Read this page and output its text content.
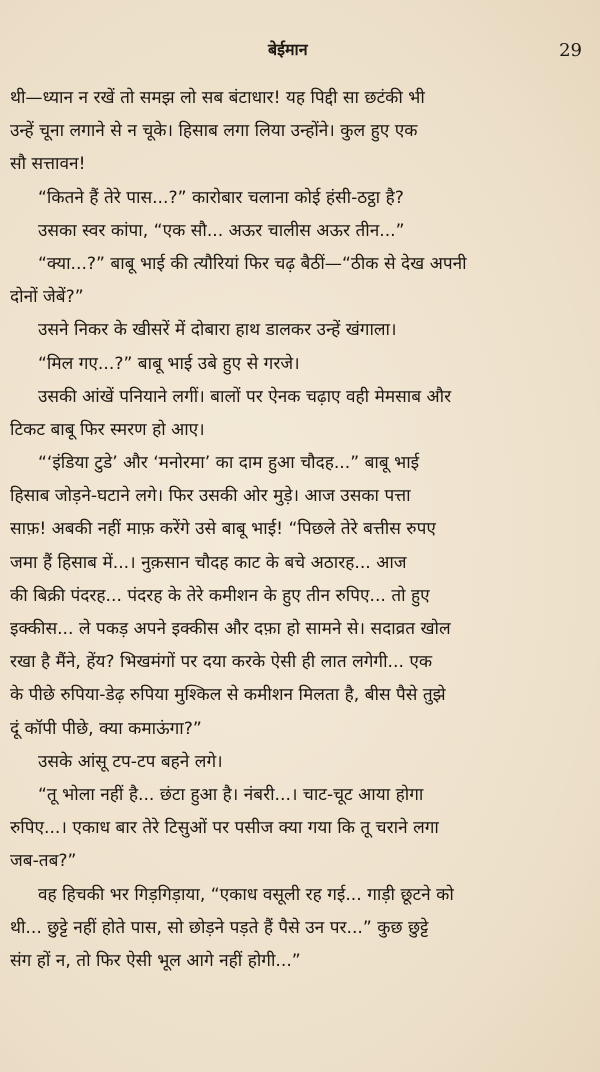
बेईमान	29
थी—ध्यान न रखें तो समझ लो सब बंटाधार! यह पिद्दी सा छटंकी भी
उन्हें चूना लगाने से न चूके। हिसाब लगा लिया उन्होंने। कुल हुए एक
सौ सत्तावन!
“कितने हैं तेरे पास...?” कारोबार चलाना कोई हंसी-ठट्ठा है?
उसका स्वर कांपा, “एक सौ... अऊर चालीस अऊर तीन...”
“क्या...?” बाबू भाई की त्यौरियां फिर चढ़ बैठीं—“ठीक से देख अपनी
दोनों जेबें?”
उसने निकर के खीसरें में दोबारा हाथ डालकर उन्हें खंगाला।
“मिल गए...?” बाबू भाई उबे हुए से गरजे।
उसकी आंखें पनियाने लगीं। बालों पर ऐनक चढ़ाए वही मेमसाब और
टिकट बाबू फिर स्मरण हो आए।
“‘इंडिया टुडे’ और ‘मनोरमा’ का दाम हुआ चौदह...” बाबू भाई
हिसाब जोड़ने-घटाने लगे। फिर उसकी ओर मुड़े। आज उसका पत्ता
साफ़! अबकी नहीं माफ़ करेंगे उसे बाबू भाई! “पिछले तेरे बत्तीस रुपए
जमा हैं हिसाब में...। नुक़सान चौदह काट के बचे अठारह... आज
की बिक्री पंदरह... पंदरह के तेरे कमीशन के हुए तीन रुपिए... तो हुए
इक्कीस... ले पकड़ अपने इक्कीस और दफ़ा हो सामने से। सदाव्रत खोल
रखा है मैंने, हेंय? भिखमंगों पर दया करके ऐसी ही लात लगेगी... एक
के पीछे रुपिया-डेढ़ रुपिया मुश्किल से कमीशन मिलता है, बीस पैसे तुझे
दूं कॉपी पीछे, क्या कमाऊंगा?”
उसके आंसू टप-टप बहने लगे।
“तू भोला नहीं है... छंटा हुआ है। नंबरी...। चाट-चूट आया होगा
रुपिए...। एकाध बार तेरे टिसुओं पर पसीज क्या गया कि तू चराने लगा
जब-तब?”
वह हिचकी भर गिड़गिड़ाया, “एकाध वसूली रह गई... गाड़ी छूटने को
थी... छुट्टे नहीं होते पास, सो छोड़ने पड़ते हैं पैसे उन पर...” कुछ छुट्टे
संग हों न, तो फिर ऐसी भूल आगे नहीं होगी...”
